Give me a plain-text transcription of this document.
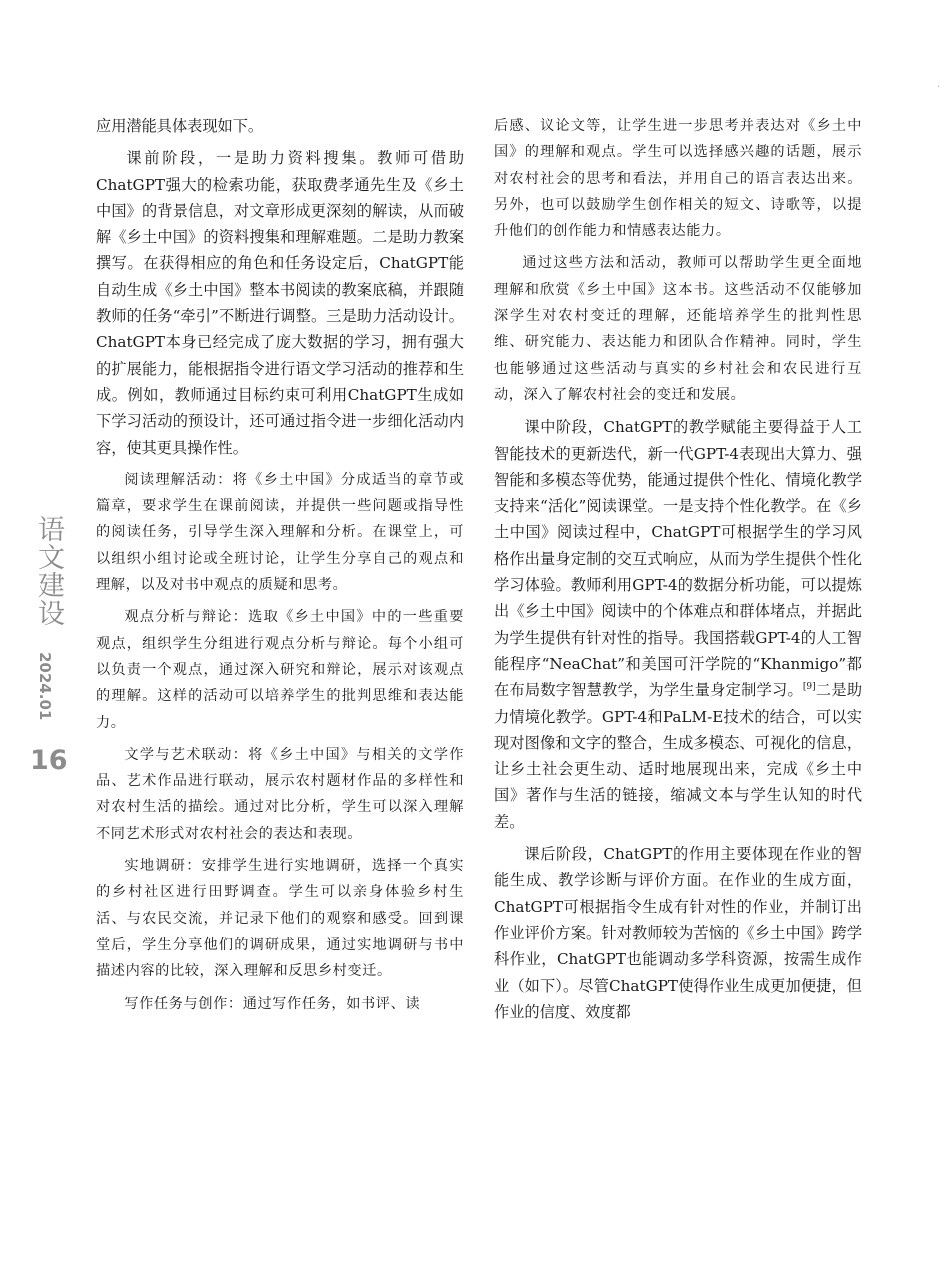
·
语文建设
2024.01
16

应用潜能具体表现如下。

课前阶段，一是助力资料搜集。教师可借助ChatGPT强大的检索功能，获取费孝通先生及《乡土中国》的背景信息，对文章形成更深刻的解读，从而破解《乡土中国》的资料搜集和理解难题。二是助力教案撰写。在获得相应的角色和任务设定后，ChatGPT能自动生成《乡土中国》整本书阅读的教案底稿，并跟随教师的任务“牵引”不断进行调整。三是助力活动设计。ChatGPT本身已经完成了庞大数据的学习，拥有强大的扩展能力，能根据指令进行语文学习活动的推荐和生成。例如，教师通过目标约束可利用ChatGPT生成如下学习活动的预设计，还可通过指令进一步细化活动内容，使其更具操作性。

阅读理解活动：将《乡土中国》分成适当的章节或篇章，要求学生在课前阅读，并提供一些问题或指导性的阅读任务，引导学生深入理解和分析。在课堂上，可以组织小组讨论或全班讨论，让学生分享自己的观点和理解，以及对书中观点的质疑和思考。

观点分析与辩论：选取《乡土中国》中的一些重要观点，组织学生分组进行观点分析与辩论。每个小组可以负责一个观点，通过深入研究和辩论，展示对该观点的理解。这样的活动可以培养学生的批判思维和表达能力。

文学与艺术联动：将《乡土中国》与相关的文学作品、艺术作品进行联动，展示农村题材作品的多样性和对农村生活的描绘。通过对比分析，学生可以深入理解不同艺术形式对农村社会的表达和表现。

实地调研：安排学生进行实地调研，选择一个真实的乡村社区进行田野调查。学生可以亲身体验乡村生活、与农民交流，并记录下他们的观察和感受。回到课堂后，学生分享他们的调研成果，通过实地调研与书中描述内容的比较，深入理解和反思乡村变迁。

写作任务与创作：通过写作任务，如书评、读

后感、议论文等，让学生进一步思考并表达对《乡土中国》的理解和观点。学生可以选择感兴趣的话题，展示对农村社会的思考和看法，并用自己的语言表达出来。另外，也可以鼓励学生创作相关的短文、诗歌等，以提升他们的创作能力和情感表达能力。

通过这些方法和活动，教师可以帮助学生更全面地理解和欣赏《乡土中国》这本书。这些活动不仅能够加深学生对农村变迁的理解，还能培养学生的批判性思维、研究能力、表达能力和团队合作精神。同时，学生也能够通过这些活动与真实的乡村社会和农民进行互动，深入了解农村社会的变迁和发展。

课中阶段，ChatGPT的教学赋能主要得益于人工智能技术的更新迭代，新一代GPT-4表现出大算力、强智能和多模态等优势，能通过提供个性化、情境化教学支持来“活化”阅读课堂。一是支持个性化教学。在《乡土中国》阅读过程中，ChatGPT可根据学生的学习风格作出量身定制的交互式响应，从而为学生提供个性化学习体验。教师利用GPT-4的数据分析功能，可以提炼出《乡土中国》阅读中的个体难点和群体堵点，并据此为学生提供有针对性的指导。我国搭载GPT-4的人工智能程序“NeaChat”和美国可汗学院的“Khanmigo”都在布局数字智慧教学，为学生量身定制学习。[9]二是助力情境化教学。GPT-4和PaLM-E技术的结合，可以实现对图像和文字的整合，生成多模态、可视化的信息，让乡土社会更生动、适时地展现出来，完成《乡土中国》著作与生活的链接，缩减文本与学生认知的时代差。

课后阶段，ChatGPT的作用主要体现在作业的智能生成、教学诊断与评价方面。在作业的生成方面，ChatGPT可根据指令生成有针对性的作业，并制订出作业评价方案。针对教师较为苦恼的《乡土中国》跨学科作业，ChatGPT也能调动多学科资源，按需生成作业（如下）。尽管ChatGPT使得作业生成更加便捷，但作业的信度、效度都
